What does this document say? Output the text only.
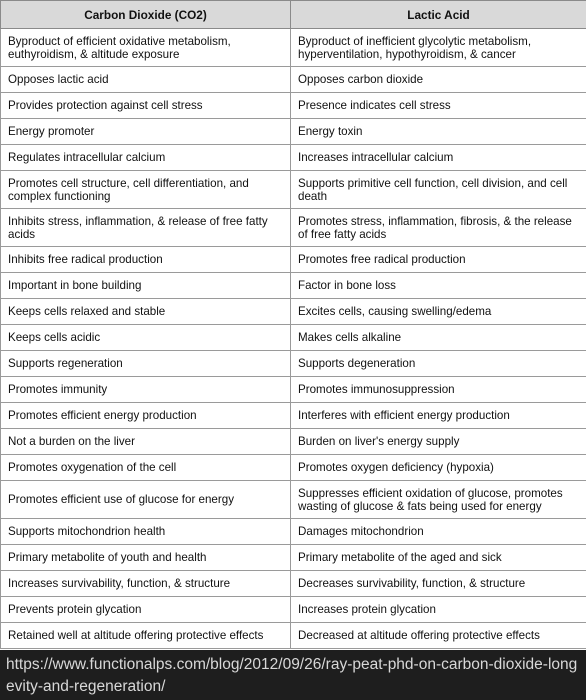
Carbon Dioxide (CO2)	Lactic Acid
Byproduct of efficient oxidative metabolism, euthyroidism, & altitude exposure	Byproduct of inefficient glycolytic metabolism, hyperventilation, hypothyroidism, & cancer
Opposes lactic acid	Opposes carbon dioxide
Provides protection against cell stress	Presence indicates cell stress
Energy promoter	Energy toxin
Regulates intracellular calcium	Increases intracellular calcium
Promotes cell structure, cell differentiation, and complex functioning	Supports primitive cell function, cell division, and cell death
Inhibits stress, inflammation, & release of free fatty acids	Promotes stress, inflammation, fibrosis, & the release of free fatty acids
Inhibits free radical production	Promotes free radical production
Important in bone building	Factor in bone loss
Keeps cells relaxed and stable	Excites cells, causing swelling/edema
Keeps cells acidic	Makes cells alkaline
Supports regeneration	Supports degeneration
Promotes immunity	Promotes immunosuppression
Promotes efficient energy production	Interferes with efficient energy production
Not a burden on the liver	Burden on liver's energy supply
Promotes oxygenation of the cell	Promotes oxygen deficiency (hypoxia)
Promotes efficient use of glucose for energy	Suppresses efficient oxidation of glucose, promotes wasting of glucose & fats being used for energy
Supports mitochondrion health	Damages mitochondrion
Primary metabolite of youth and health	Primary metabolite of the aged and sick
Increases survivability, function, & structure	Decreases survivability, function, & structure
Prevents protein glycation	Increases protein glycation
Retained well at altitude offering protective effects	Decreased at altitude offering protective effects
https://www.functionalps.com/blog/2012/09/26/ray-peat-phd-on-carbon-dioxide-longevity-and-regeneration/
